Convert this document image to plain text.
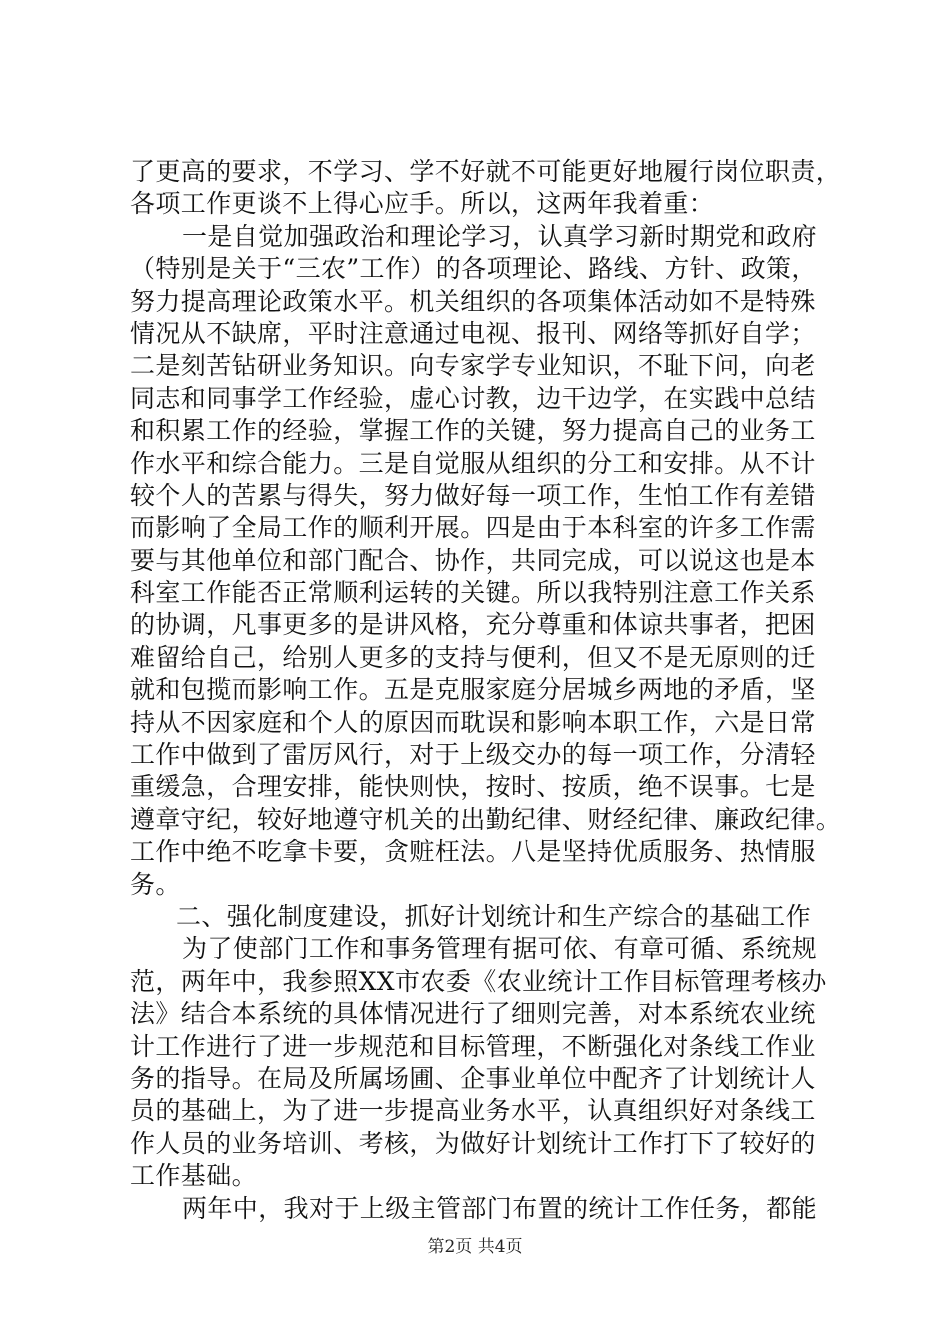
了更高的要求，不学习、学不好就不可能更好地履行岗位职责，
各项工作更谈不上得心应手。所以，这两年我着重：
一是自觉加强政治和理论学习，认真学习新时期党和政府
（特别是关于“三农”工作）的各项理论、路线、方针、政策，
努力提高理论政策水平。机关组织的各项集体活动如不是特殊
情况从不缺席，平时注意通过电视、报刊、网络等抓好自学；
二是刻苦钻研业务知识。向专家学专业知识，不耻下问，向老
同志和同事学工作经验，虚心讨教，边干边学，在实践中总结
和积累工作的经验，掌握工作的关键，努力提高自己的业务工
作水平和综合能力。三是自觉服从组织的分工和安排。从不计
较个人的苦累与得失，努力做好每一项工作，生怕工作有差错
而影响了全局工作的顺利开展。四是由于本科室的许多工作需
要与其他单位和部门配合、协作，共同完成，可以说这也是本
科室工作能否正常顺利运转的关键。所以我特别注意工作关系
的协调，凡事更多的是讲风格，充分尊重和体谅共事者，把困
难留给自己，给别人更多的支持与便利，但又不是无原则的迁
就和包揽而影响工作。五是克服家庭分居城乡两地的矛盾，坚
持从不因家庭和个人的原因而耽误和影响本职工作，六是日常
工作中做到了雷厉风行，对于上级交办的每一项工作，分清轻
重缓急，合理安排，能快则快，按时、按质，绝不误事。七是
遵章守纪，较好地遵守机关的出勤纪律、财经纪律、廉政纪律。
工作中绝不吃拿卡要，贪赃枉法。八是坚持优质服务、热情服
务。
二、强化制度建设，抓好计划统计和生产综合的基础工作
为了使部门工作和事务管理有据可依、有章可循、系统规
范，两年中，我参照XX市农委《农业统计工作目标管理考核办
法》结合本系统的具体情况进行了细则完善，对本系统农业统
计工作进行了进一步规范和目标管理，不断强化对条线工作业
务的指导。在局及所属场圃、企事业单位中配齐了计划统计人
员的基础上，为了进一步提高业务水平，认真组织好对条线工
作人员的业务培训、考核，为做好计划统计工作打下了较好的
工作基础。
两年中，我对于上级主管部门布置的统计工作任务，都能
第2页 共4页
